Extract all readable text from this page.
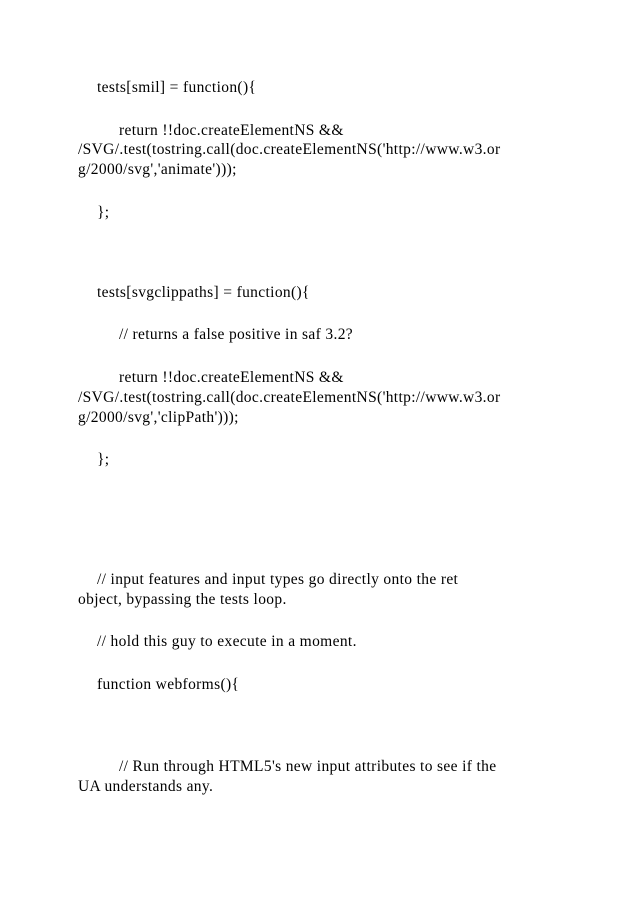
tests[smil] = function(){

return !!doc.createElementNS &&

/SVG/.test(tostring.call(doc.createElementNS('http://www.w3.or

g/2000/svg','animate')));

};

tests[svgclippaths] = function(){

// returns a false positive in saf 3.2?

return !!doc.createElementNS &&

/SVG/.test(tostring.call(doc.createElementNS('http://www.w3.or

g/2000/svg','clipPath')));

};

// input features and input types go directly onto the ret

object, bypassing the tests loop.

// hold this guy to execute in a moment.

function webforms(){

// Run through HTML5's new input attributes to see if the

UA understands any.
